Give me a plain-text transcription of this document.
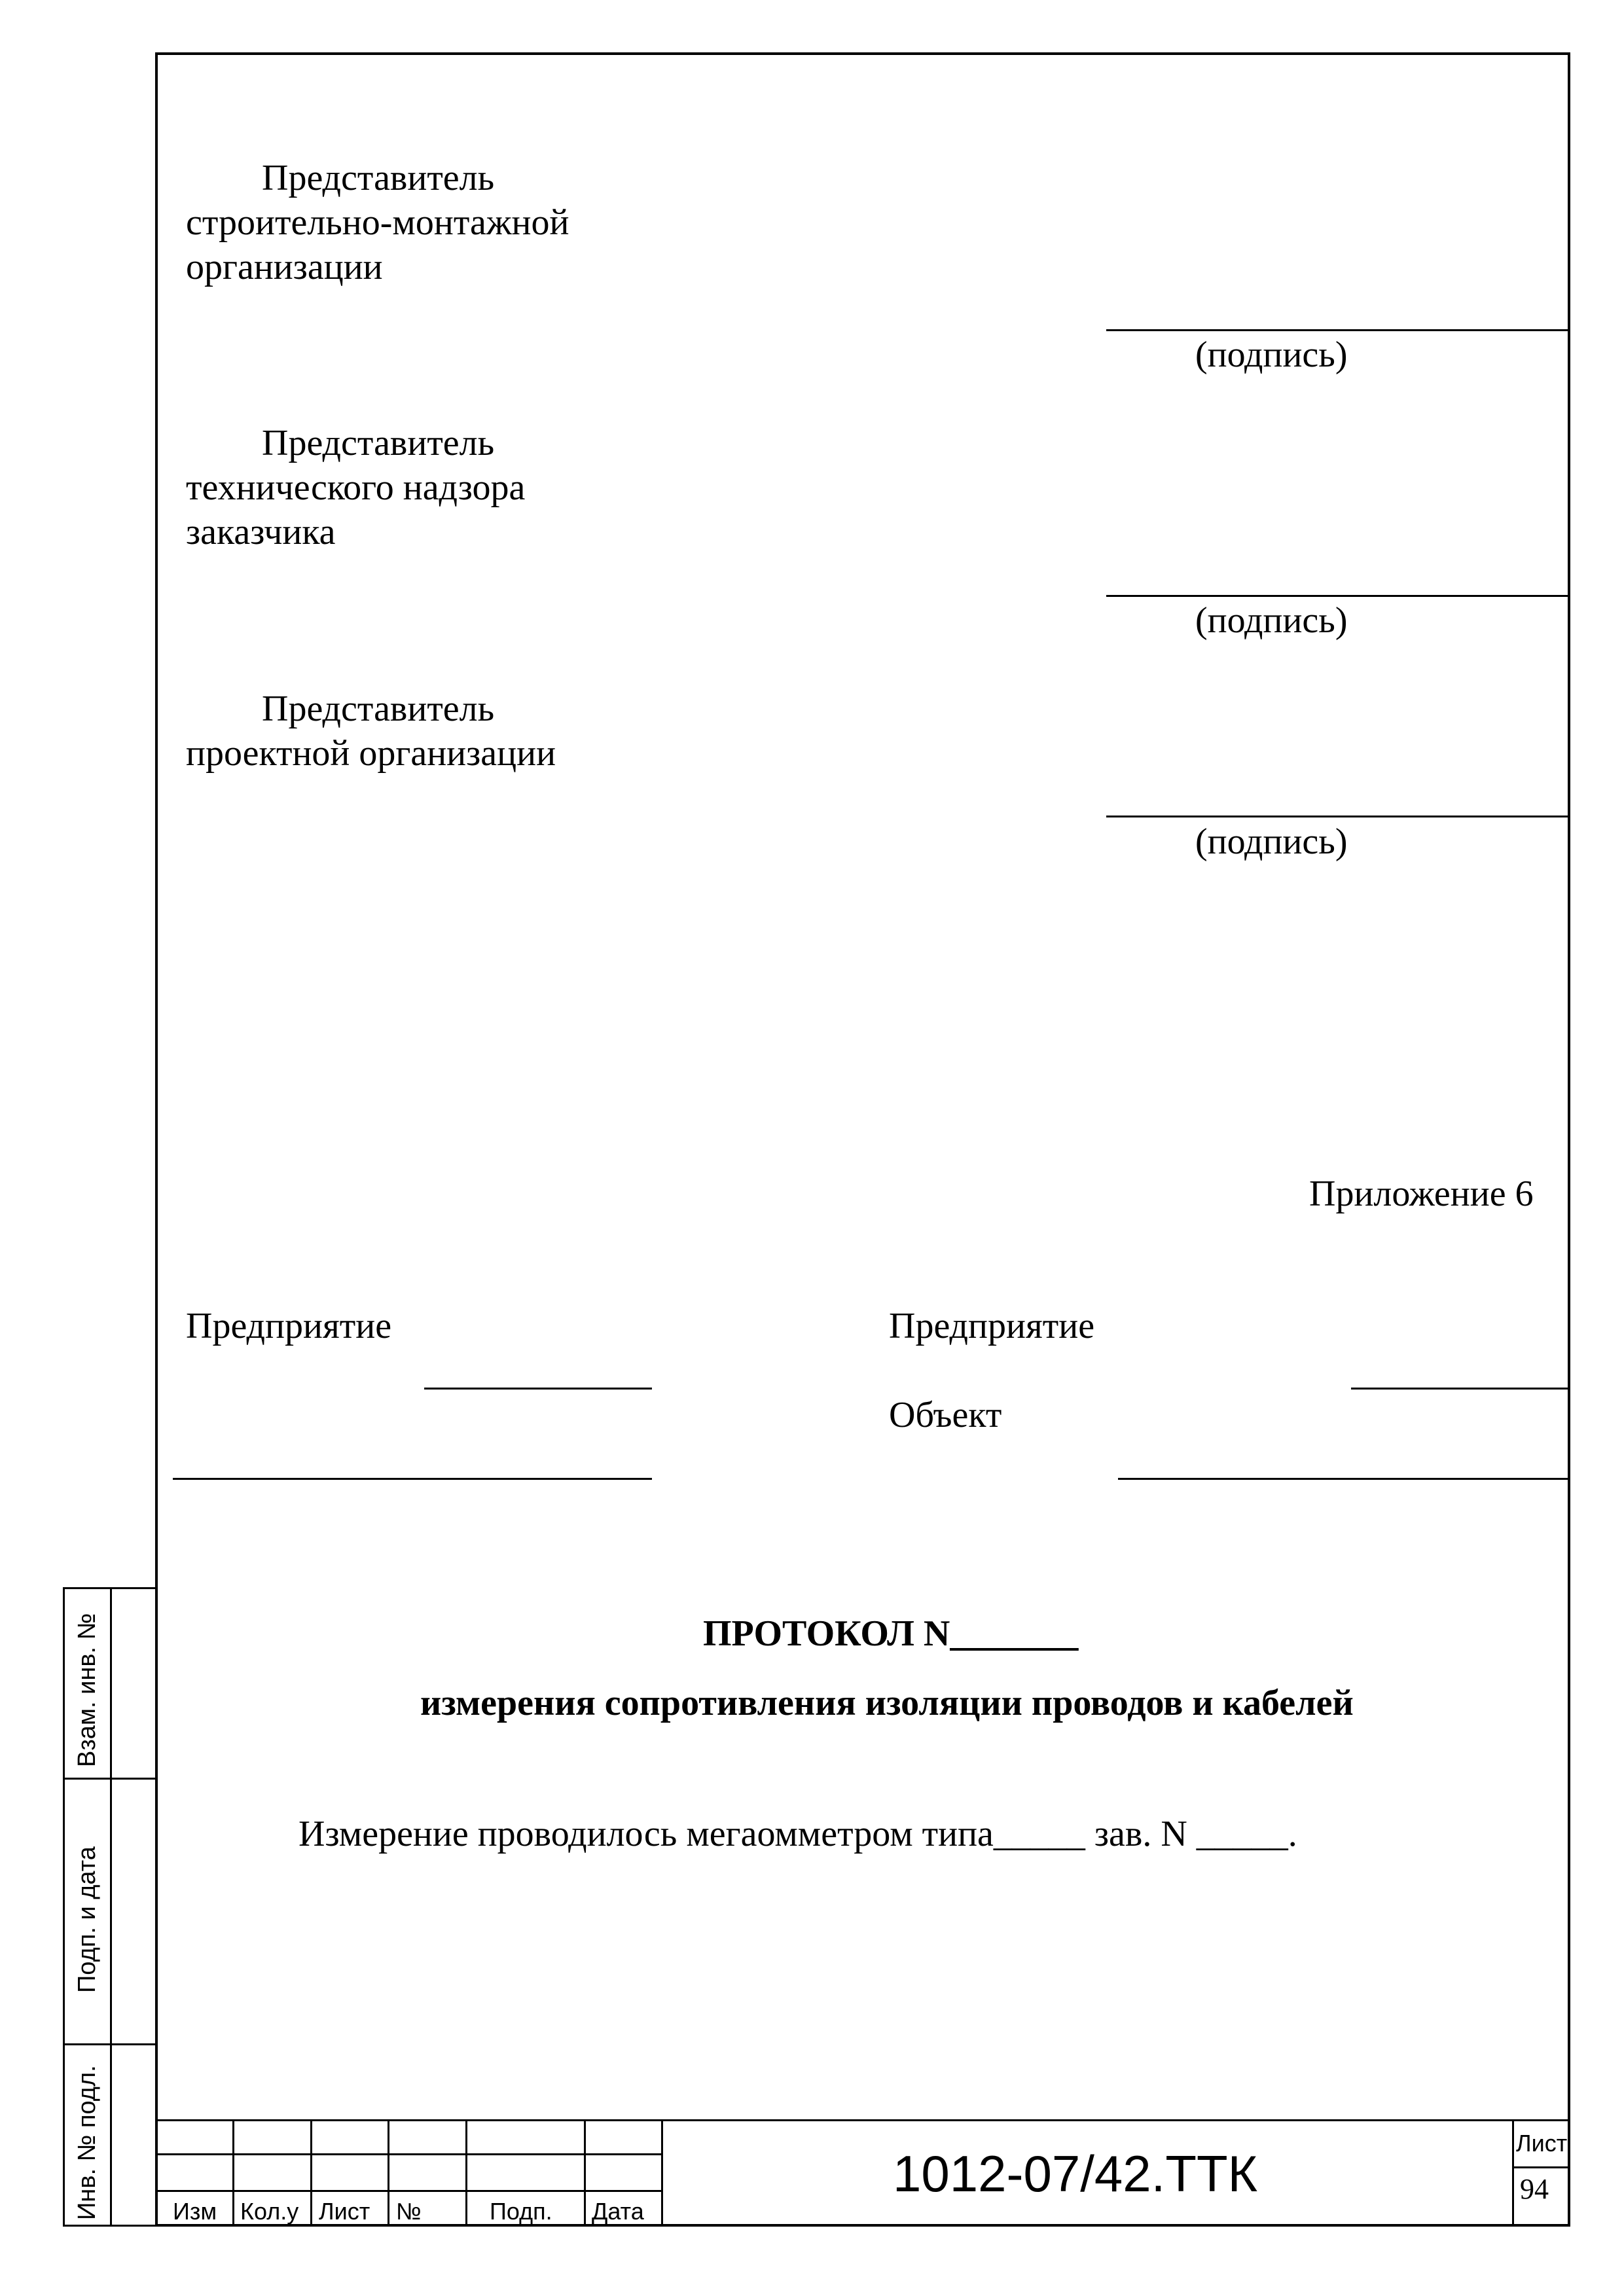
Представитель
строительно-монтажной
организации
(подпись)
Представитель
технического надзора
заказчика
(подпись)
Представитель
проектной организации
(подпись)
Приложение 6
Предприятие	Предприятие
Объект
ПРОТОКОЛ N_______
измерения сопротивления изоляции проводов и кабелей
Измерение проводилось мегаомметром типа_____ зав. N _____.
Взам. инв. №
Подп. и дата
Инв. № подл.	Изм Кол.у Лист №	Подп. Дата
1012-07/42.ТТК
Лист
94
